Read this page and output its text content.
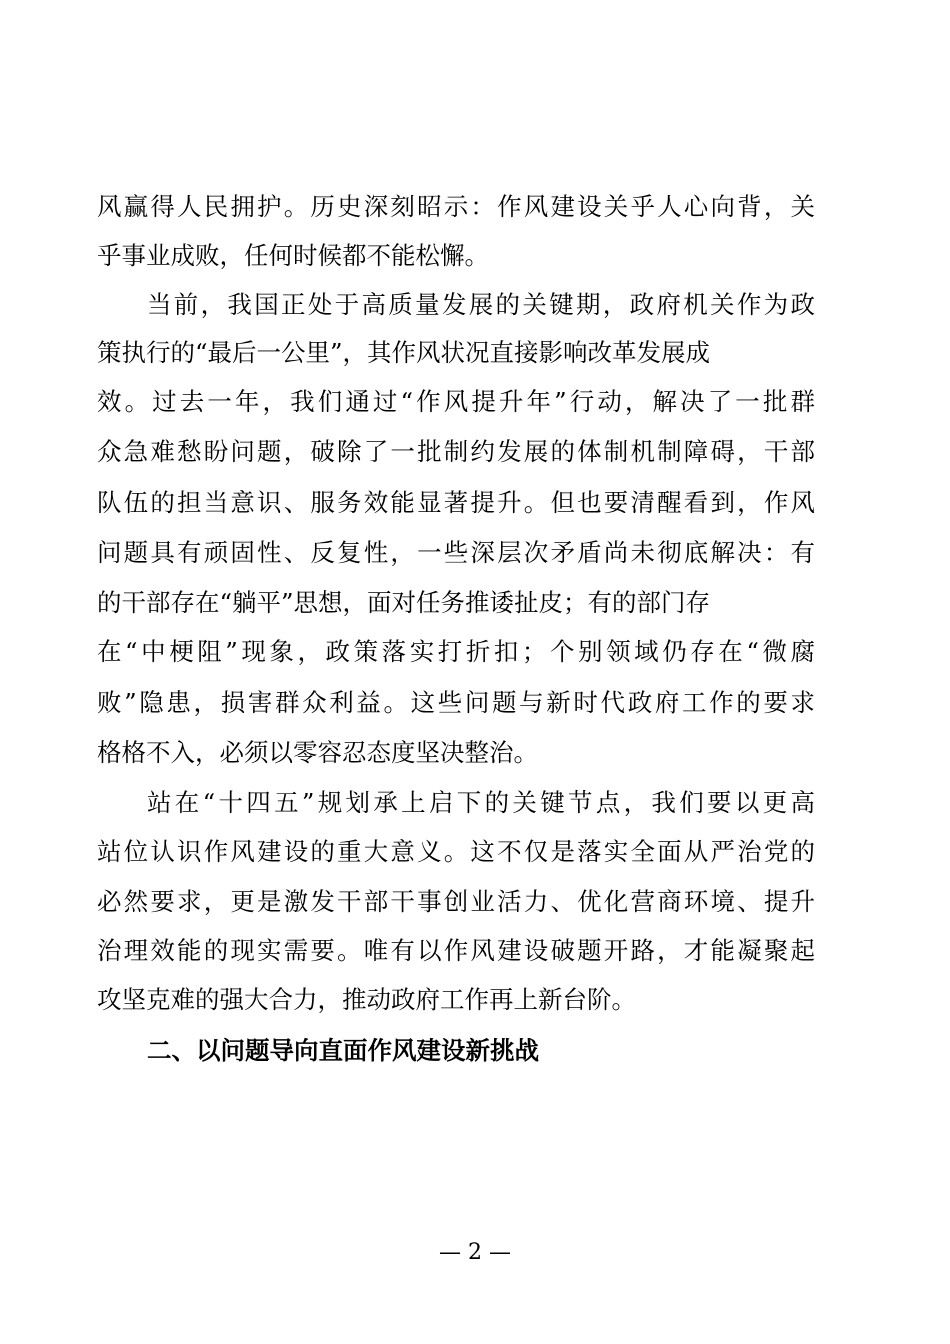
风赢得人民拥护。历史深刻昭示：作风建设关乎人心向背，关
乎事业成败，任何时候都不能松懈。
当前，我国正处于高质量发展的关键期，政府机关作为政
策执行的“最后一公里”，其作风状况直接影响改革发展成
效。过去一年，我们通过“作风提升年”行动，解决了一批群
众急难愁盼问题，破除了一批制约发展的体制机制障碍，干部
队伍的担当意识、服务效能显著提升。但也要清醒看到，作风
问题具有顽固性、反复性，一些深层次矛盾尚未彻底解决：有
的干部存在“躺平”思想，面对任务推诿扯皮；有的部门存
在“中梗阻”现象，政策落实打折扣；个别领域仍存在“微腐
败”隐患，损害群众利益。这些问题与新时代政府工作的要求
格格不入，必须以零容忍态度坚决整治。
站在“十四五”规划承上启下的关键节点，我们要以更高
站位认识作风建设的重大意义。这不仅是落实全面从严治党的
必然要求，更是激发干部干事创业活力、优化营商环境、提升
治理效能的现实需要。唯有以作风建设破题开路，才能凝聚起
攻坚克难的强大合力，推动政府工作再上新台阶。
二、以问题导向直面作风建设新挑战
— 2 —
